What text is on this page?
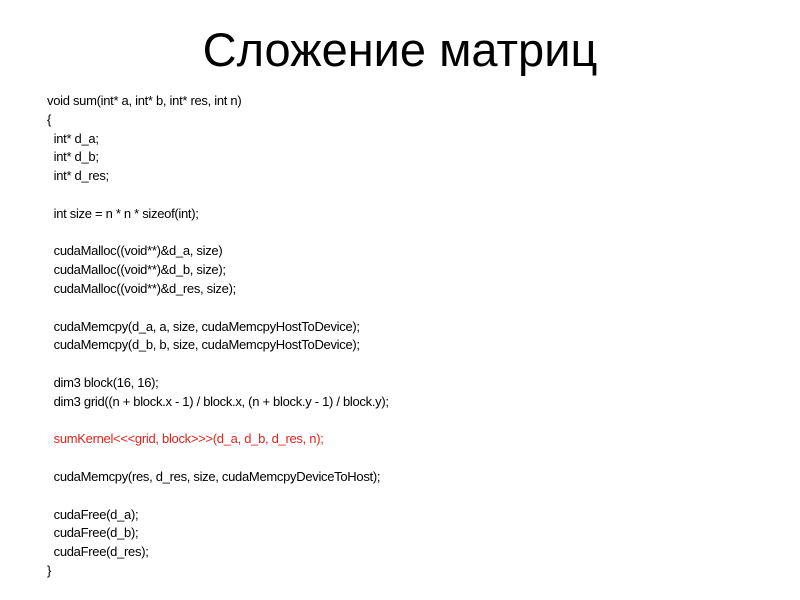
Сложение матриц
void sum(int* a, int* b, int* res, int n)
{
int* d_a;
int* d_b;
int* d_res;
int size = n * n * sizeof(int);
cudaMalloc((void**)&d_a, size)
cudaMalloc((void**)&d_b, size);
cudaMalloc((void**)&d_res, size);
cudaMemcpy(d_a, a, size, cudaMemcpyHostToDevice);
cudaMemcpy(d_b, b, size, cudaMemcpyHostToDevice);
dim3 block(16, 16);
dim3 grid((n + block.x - 1) / block.x, (n + block.y - 1) / block.y);
sumKernel<<<grid, block>>>(d_a, d_b, d_res, n);
cudaMemcpy(res, d_res, size, cudaMemcpyDeviceToHost);
cudaFree(d_a);
cudaFree(d_b);
cudaFree(d_res);
}
